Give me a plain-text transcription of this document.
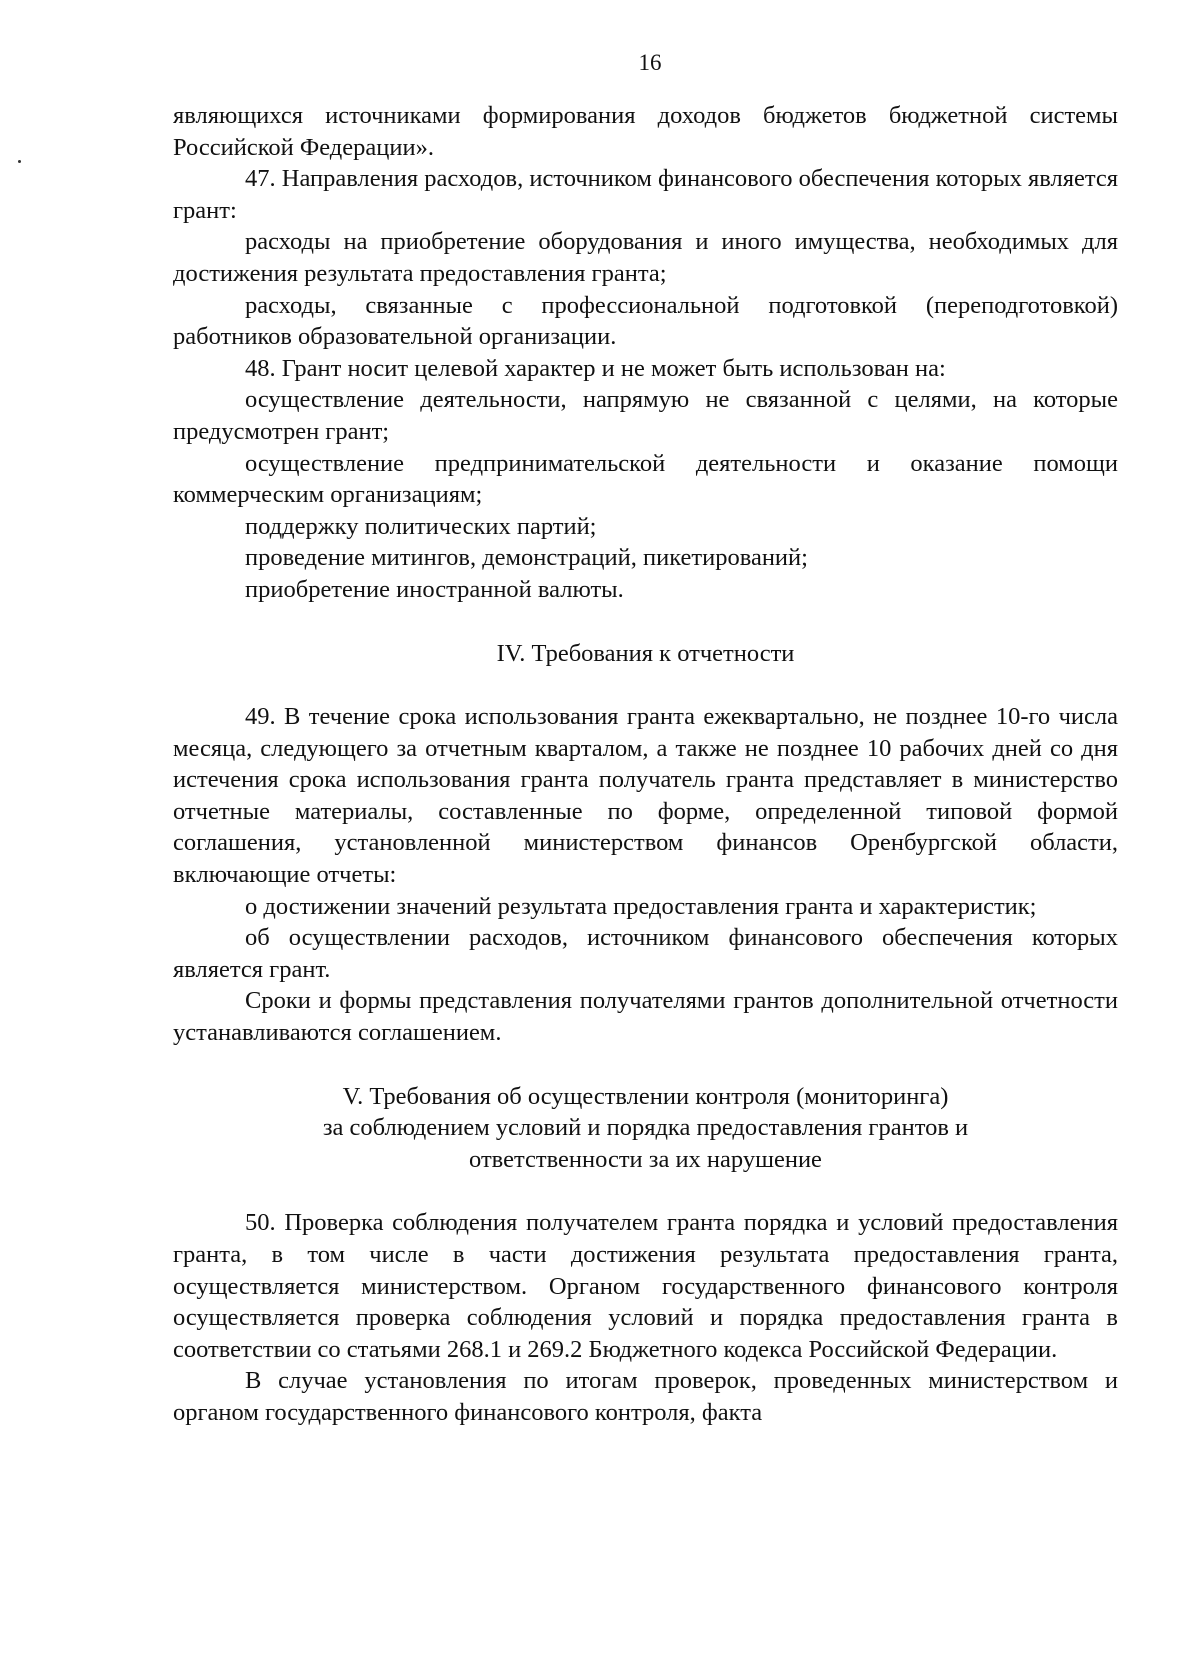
16

являющихся источниками формирования доходов бюджетов бюджетной системы Российской Федерации».

47. Направления расходов, источником финансового обеспечения которых является грант:

расходы на приобретение оборудования и иного имущества, необходимых для достижения результата предоставления гранта;

расходы, связанные с профессиональной подготовкой (переподготовкой) работников образовательной организации.

48. Грант носит целевой характер и не может быть использован на:

осуществление деятельности, напрямую не связанной с целями, на которые предусмотрен грант;

осуществление предпринимательской деятельности и оказание помощи коммерческим организациям;

поддержку политических партий;

проведение митингов, демонстраций, пикетирований;

приобретение иностранной валюты.

IV. Требования к отчетности

49. В течение срока использования гранта ежеквартально, не позднее 10-го числа месяца, следующего за отчетным кварталом, а также не позднее 10 рабочих дней со дня истечения срока использования гранта получатель гранта представляет в министерство отчетные материалы, составленные по форме, определенной типовой формой соглашения, установленной министерством финансов Оренбургской области, включающие отчеты:

о достижении значений результата предоставления гранта и характеристик;

об осуществлении расходов, источником финансового обеспечения которых является грант.

Сроки и формы представления получателями грантов дополнительной отчетности устанавливаются соглашением.

V. Требования об осуществлении контроля (мониторинга)
за соблюдением условий и порядка предоставления грантов и
ответственности за их нарушение

50. Проверка соблюдения получателем гранта порядка и условий предоставления гранта, в том числе в части достижения результата предоставления гранта, осуществляется министерством. Органом государственного финансового контроля осуществляется проверка соблюдения условий и порядка предоставления гранта в соответствии со статьями 268.1 и 269.2 Бюджетного кодекса Российской Федерации.

В случае установления по итогам проверок, проведенных министерством и органом государственного финансового контроля, факта
